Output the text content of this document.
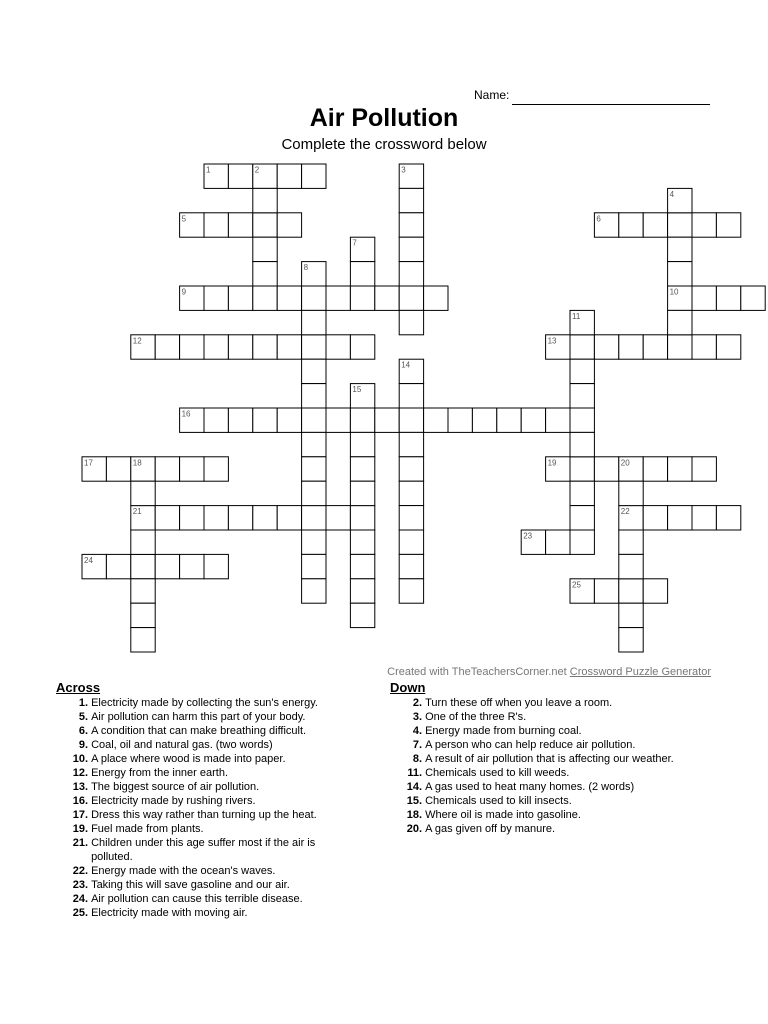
Name:
Air Pollution
Complete the crossword below
1
5	6
9	10
12	13
16
17	19
21	22
23
24
25
2	3
4
7
8
11
14
15
18	20
Created with TheTeachersCorner.net Crossword Puzzle Generator
Across
1 . Electricity made by collecting the sun's energy.
5 . Air pollution can harm this part of your body.
6 . A condition that can make breathing difficult.
9 . Coal, oil and natural gas. (two words)
10 . A place where wood is made into paper.
12 . Energy from the inner earth.
13 . The biggest source of air pollution.
16 . Electricity made by rushing rivers.
17 . Dress this way rather than turning up the heat.
19 . Fuel made from plants.
21 . Children under this age suffer most if the air is polluted.
22 . Energy made with the ocean's waves.
23 . Taking this will save gasoline and our air.
24 . Air pollution can cause this terrible disease.
25 . Electricity made with moving air.
Down
2 . Turn these off when you leave a room.
3 . One of the three R's.
4 . Energy made from burning coal.
7 . A person who can help reduce air pollution.
8 . A result of air pollution that is affecting our weather.
11 . Chemicals used to kill weeds.
14 . A gas used to heat many homes. (2 words)
15 . Chemicals used to kill insects.
18 . Where oil is made into gasoline.
20 . A gas given off by manure.
